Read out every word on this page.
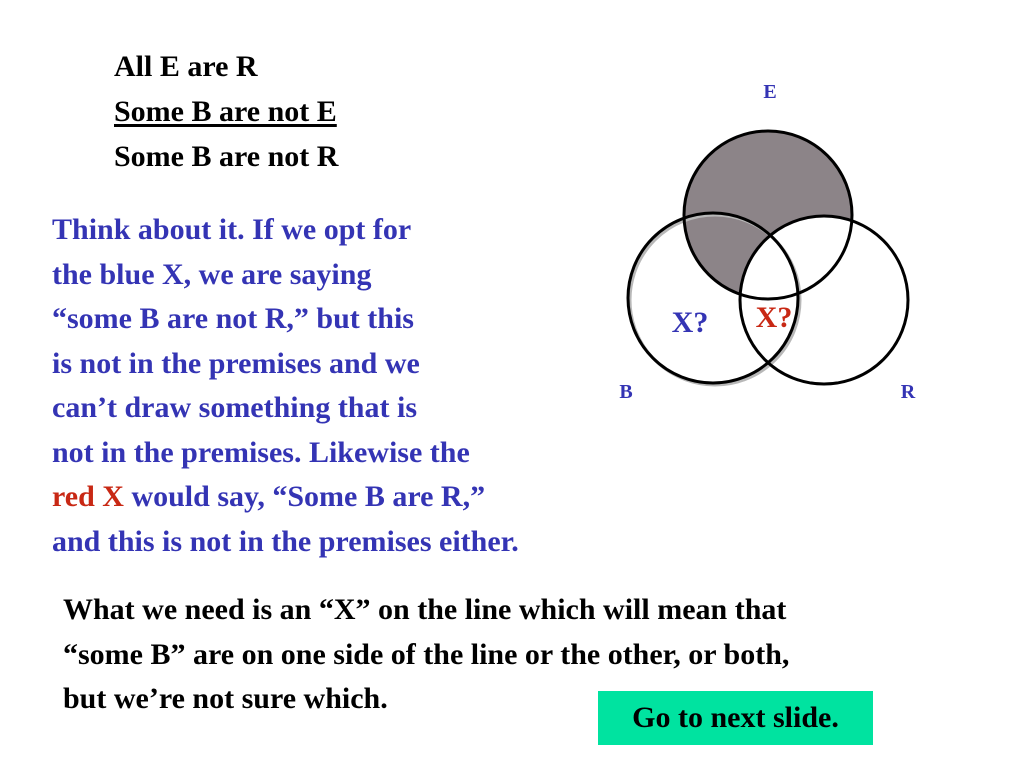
All E are R
Some B are not E
Some B are not R
Think about it. If we opt for
the blue X, we are saying
“some B are not R,” but this
is not in the premises and we
can’t draw something that is
not in the premises. Likewise the
red X would say, “Some B are R,”
and this is not in the premises either.
E
B	R
X? X?
What we need is an “X” on the line which will mean that
“some B” are on one side of the line or the other, or both,
but we’re not sure which.
Go to next slide.
